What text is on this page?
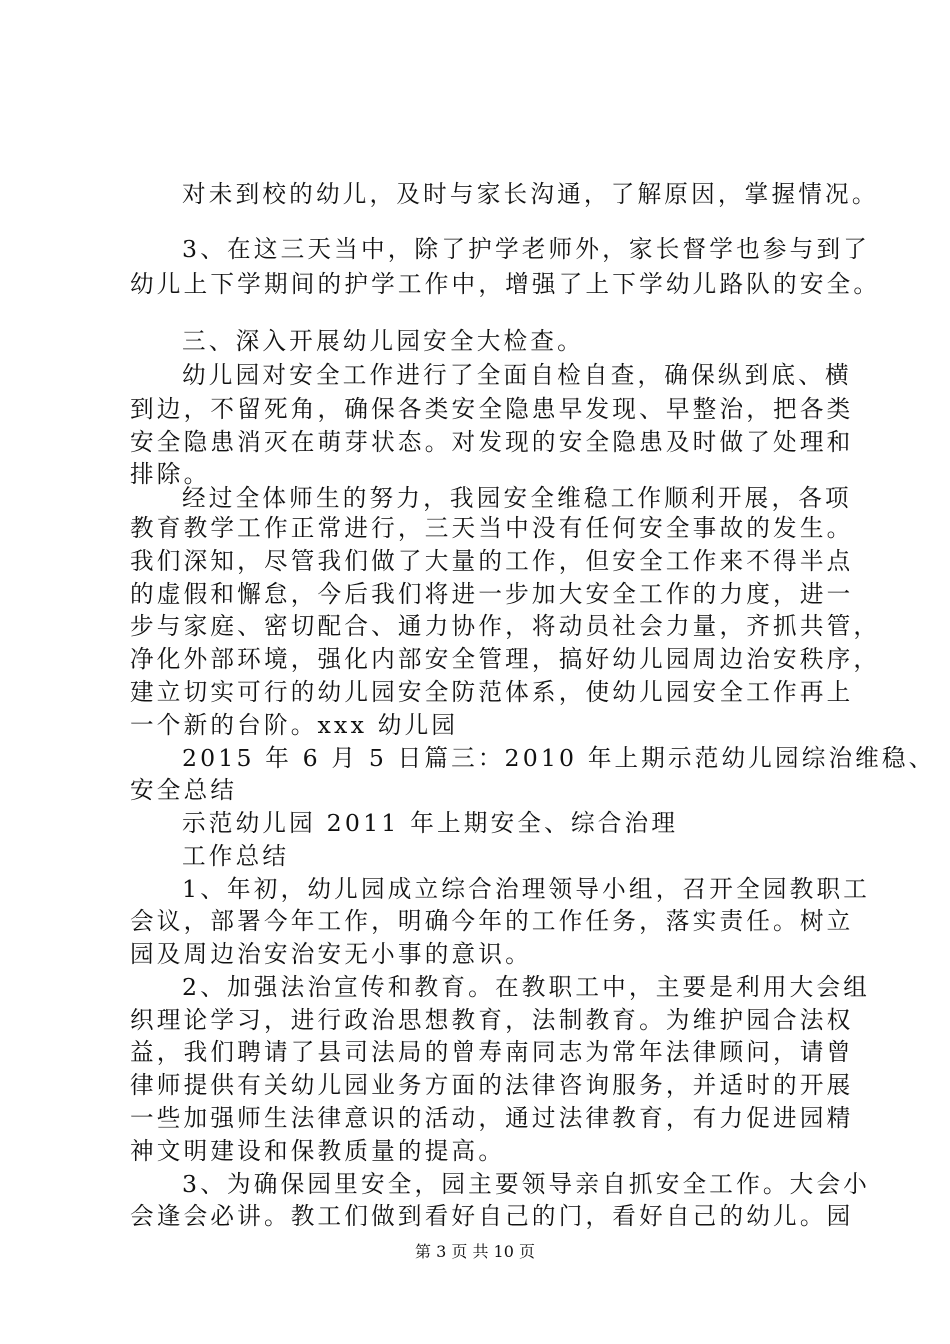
对未到校的幼儿，及时与家长沟通，了解原因，掌握情况。
3、在这三天当中，除了护学老师外，家长督学也参与到了
幼儿上下学期间的护学工作中，增强了上下学幼儿路队的安全。
三、深入开展幼儿园安全大检查。
幼儿园对安全工作进行了全面自检自查，确保纵到底、横
到边，不留死角，确保各类安全隐患早发现、早整治，把各类
安全隐患消灭在萌芽状态。对发现的安全隐患及时做了处理和
排除。
经过全体师生的努力，我园安全维稳工作顺利开展，各项
教育教学工作正常进行，三天当中没有任何安全事故的发生。
我们深知，尽管我们做了大量的工作，但安全工作来不得半点
的虚假和懈怠，今后我们将进一步加大安全工作的力度，进一
步与家庭、密切配合、通力协作，将动员社会力量，齐抓共管，
净化外部环境，强化内部安全管理，搞好幼儿园周边治安秩序，
建立切实可行的幼儿园安全防范体系，使幼儿园安全工作再上
一个新的台阶。xxx 幼儿园
2015 年 6 月 5 日篇三：2010 年上期示范幼儿园综治维稳、
安全总结
示范幼儿园 2011 年上期安全、综合治理
工作总结
1、年初，幼儿园成立综合治理领导小组，召开全园教职工
会议，部署今年工作，明确今年的工作任务，落实责任。树立
园及周边治安治安无小事的意识。
2、加强法治宣传和教育。在教职工中，主要是利用大会组
织理论学习，进行政治思想教育，法制教育。为维护园合法权
益，我们聘请了县司法局的曾寿南同志为常年法律顾问，请曾
律师提供有关幼儿园业务方面的法律咨询服务，并适时的开展
一些加强师生法律意识的活动，通过法律教育，有力促进园精
神文明建设和保教质量的提高。
3、为确保园里安全，园主要领导亲自抓安全工作。大会小
会逢会必讲。教工们做到看好自己的门，看好自己的幼儿。园
第 3 页 共 10 页
